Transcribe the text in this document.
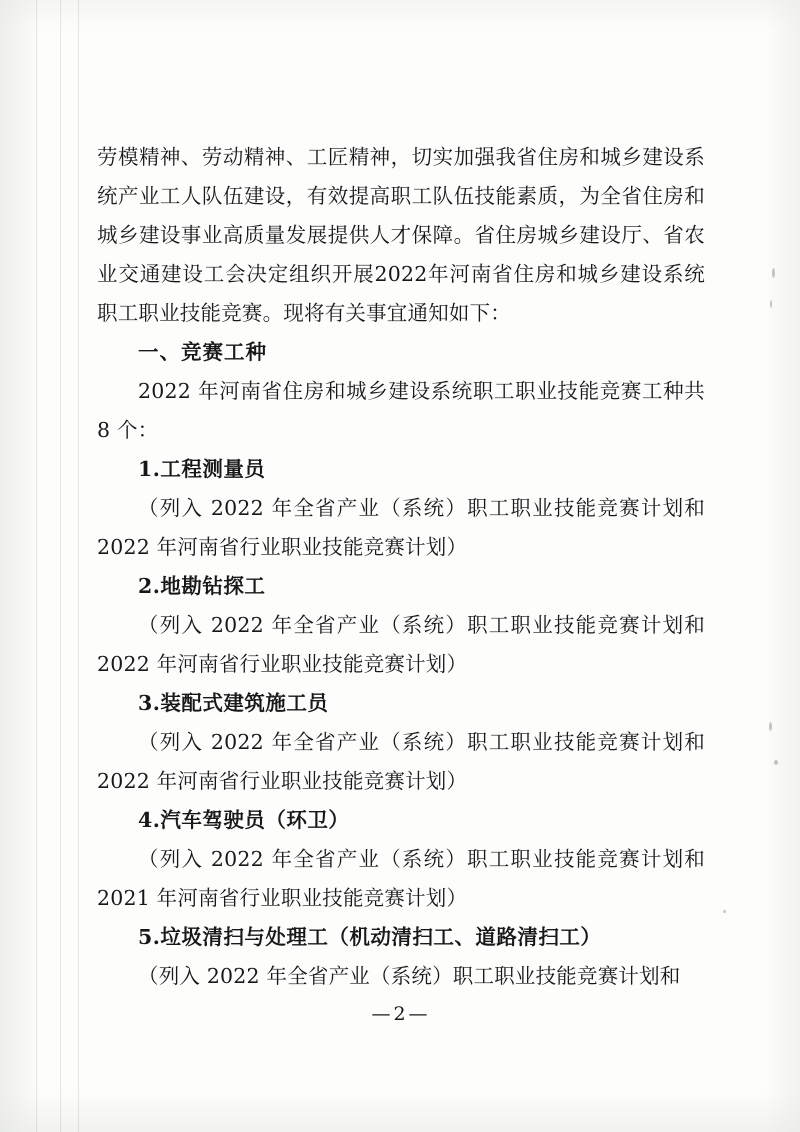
劳模精神、劳动精神、工匠精神，切实加强我省住房和城乡建设系统产业工人队伍建设，有效提高职工队伍技能素质，为全省住房和城乡建设事业高质量发展提供人才保障。省住房城乡建设厅、省农业交通建设工会决定组织开展2022年河南省住房和城乡建设系统职工职业技能竞赛。现将有关事宜通知如下：

一、竞赛工种

2022 年河南省住房和城乡建设系统职工职业技能竞赛工种共 8 个：

1.工程测量员

（列入 2022 年全省产业（系统）职工职业技能竞赛计划和 2022 年河南省行业职业技能竞赛计划）

2.地勘钻探工

（列入 2022 年全省产业（系统）职工职业技能竞赛计划和 2022 年河南省行业职业技能竞赛计划）

3.装配式建筑施工员

（列入 2022 年全省产业（系统）职工职业技能竞赛计划和 2022 年河南省行业职业技能竞赛计划）

4.汽车驾驶员（环卫）

（列入 2022 年全省产业（系统）职工职业技能竞赛计划和 2021 年河南省行业职业技能竞赛计划）

5.垃圾清扫与处理工（机动清扫工、道路清扫工）

（列入 2022 年全省产业（系统）职工职业技能竞赛计划和

— 2 —
